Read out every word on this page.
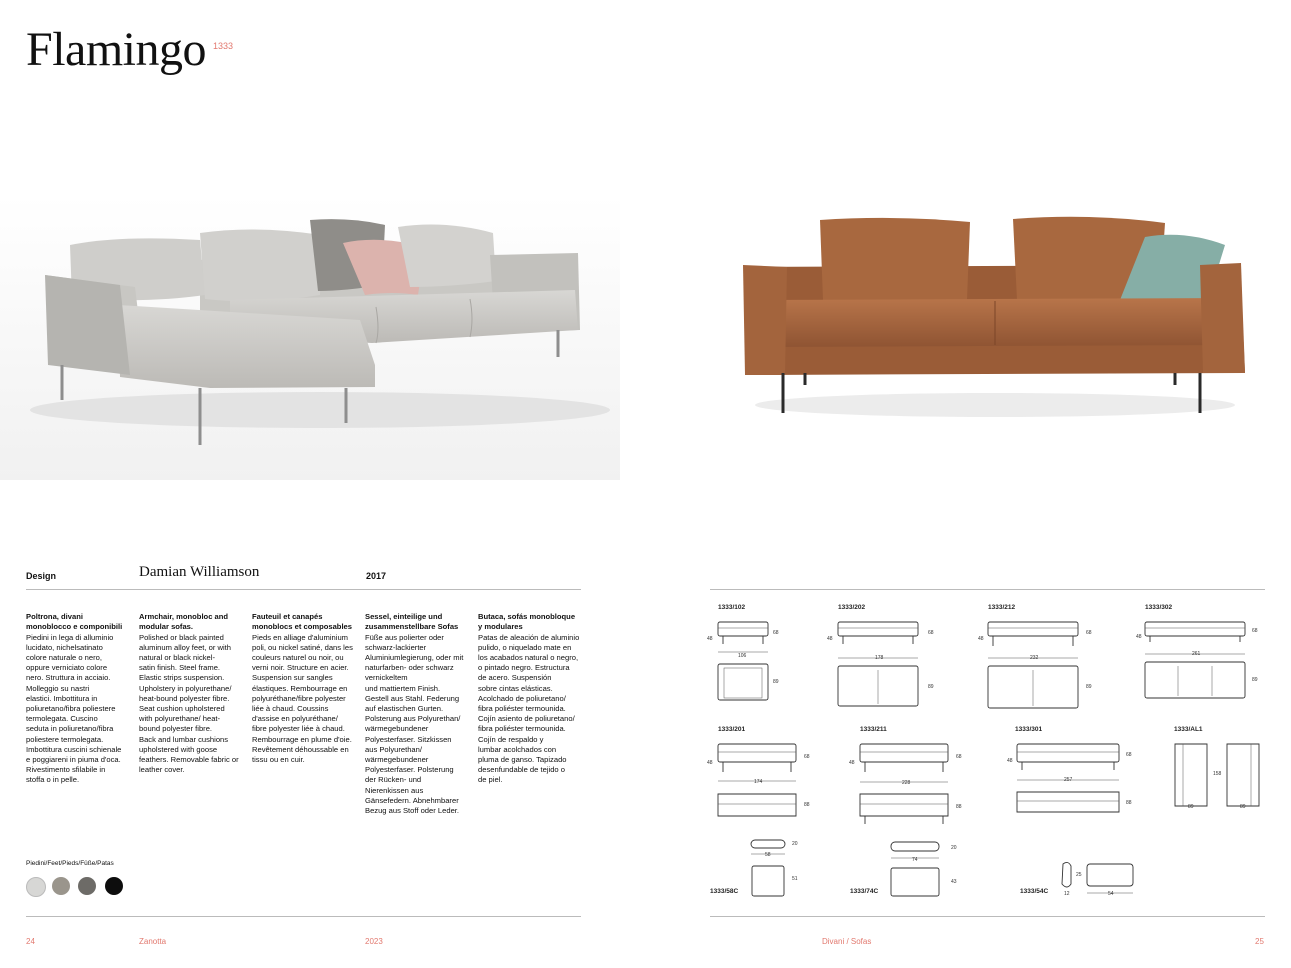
Flamingo 1333
Design	Damian Williamson	2017

Poltrona, divani
monoblocco e componibili
Piedini in lega di alluminio
lucidato, nichelsatinato
colore naturale o nero,
oppure verniciato colore
nero. Struttura in acciaio.
Molleggio su nastri
elastici. Imbottitura in
poliuretano/fibra poliestere
termolegata. Cuscino
seduta in poliuretano/fibra
poliestere termolegata.
Imbottitura cuscini schienale
e poggiareni in piuma d'oca.
Rivestimento sfilabile in
stoffa o in pelle.

Armchair, monobloc and
modular sofas.
Polished or black painted
aluminum alloy feet, or with
natural or black nickel-
satin finish. Steel frame.
Elastic strips suspension.
Upholstery in polyurethane/
heat-bound polyester fibre.
Seat cushion upholstered
with polyurethane/ heat-
bound polyester fibre.
Back and lumbar cushions
upholstered with goose
feathers. Removable fabric or
leather cover.

Fauteuil et canapés
monoblocs et composables
Pieds en alliage d'aluminium
poli, ou nickel satiné, dans les
couleurs naturel ou noir, ou
verni noir. Structure en acier.
Suspension sur sangles
élastiques. Rembourrage en
polyuréthane/fibre polyester
liée à chaud. Coussins
d'assise en polyuréthane/
fibre polyester liée à chaud.
Rembourrage en plume d'oie.
Revêtement déhoussable en
tissu ou en cuir.

Sessel, einteilige und
zusammenstellbare Sofas
Füße aus polierter oder
schwarz-lackierter
Aluminiumlegierung, oder mit
naturfarben- oder schwarz
vernickeltem
und mattiertem Finish.
Gestell aus Stahl. Federung
auf elastischen Gurten.
Polsterung aus Polyurethan/
wärmegebundener
Polyesterfaser. Sitzkissen
aus Polyurethan/
wärmegebundener
Polyesterfaser. Polsterung
der Rücken- und
Nierenkissen aus
Gänsefedern. Abnehmbarer
Bezug aus Stoff oder Leder.

Butaca, sofás monobloque
y modulares
Patas de aleación de aluminio
pulido, o niquelado mate en
los acabados natural o negro,
o pintado negro. Estructura
de acero. Suspensión
sobre cintas elásticas.
Acolchado de poliuretano/
fibra poliéster termounida.
Cojín asiento de poliuretano/
fibra poliéster termounida.
Cojín de respaldo y
lumbar acolchados con
pluma de ganso. Tapizado
desenfundable de tejido o
de piel.

Piedini/Feet/Pieds/Füße/Patas
1333/102	1333/202	1333/212	1333/302
1333/201	1333/211	1333/301	1333/AL1
1333/58C	1333/74C	1333/54C
48
68
106
89
48
68
178
89
48
68
232
89
48
68
261
89
48
68
174
88
48
68
228
88
48
68
257
88
158
89	89
20
58
51
20
74
43
25
12	54
24	Zanotta	2023	Divani / Sofas	25
